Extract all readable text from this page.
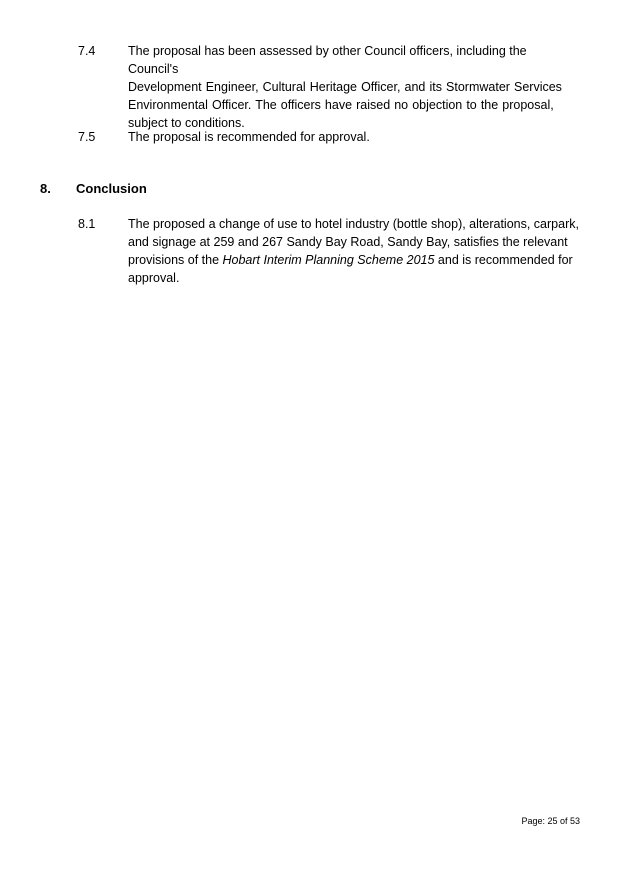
7.4	The proposal has been assessed by other Council officers, including the Council's
Development Engineer, Cultural Heritage Officer, and its Stormwater Services
Environmental Officer. The officers have raised no objection to the proposal,
subject to conditions.
7.5	The proposal is recommended for approval.
8. Conclusion
8.1	The proposed a change of use to hotel industry (bottle shop), alterations, carpark,
and signage at 259 and 267 Sandy Bay Road, Sandy Bay, satisfies the relevant
provisions of the Hobart Interim Planning Scheme 2015 and is recommended for
approval.
Page: 25 of 53
